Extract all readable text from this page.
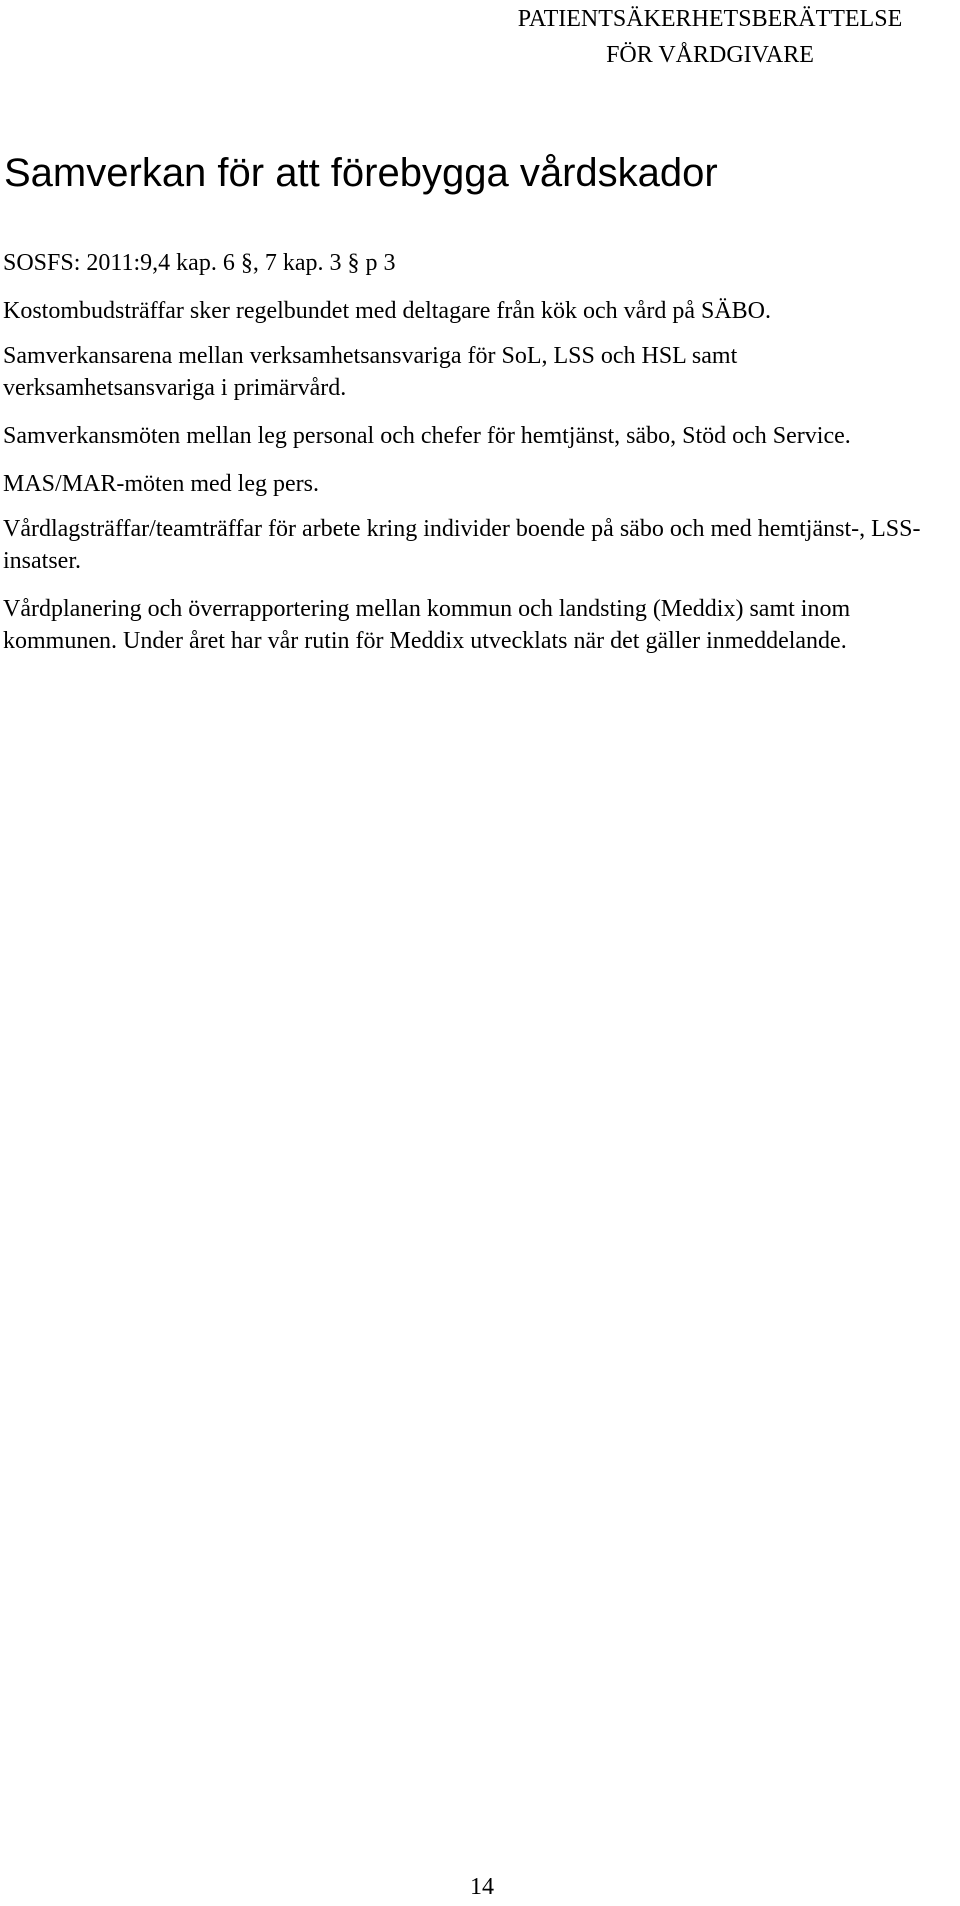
PATIENTSÄKERHETSBERÄTTELSE
FÖR VÅRDGIVARE
Samverkan för att förebygga vårdskador

SOSFS: 2011:9,4 kap. 6 §, 7 kap. 3 § p 3

Kostombudsträffar sker regelbundet med deltagare från kök och vård på SÄBO.

Samverkansarena mellan verksamhetsansvariga för SoL, LSS och HSL samt verksamhetsansvariga i primärvård.

Samverkansmöten mellan leg personal och chefer för hemtjänst, säbo, Stöd och Service.

MAS/MAR-möten med leg pers.

Vårdlagsträffar/teamträffar för arbete kring individer boende på säbo och med hemtjänst-, LSS-insatser.

Vårdplanering och överrapportering mellan kommun och landsting (Meddix) samt inom kommunen. Under året har vår rutin för Meddix utvecklats när det gäller inmeddelande.

14
